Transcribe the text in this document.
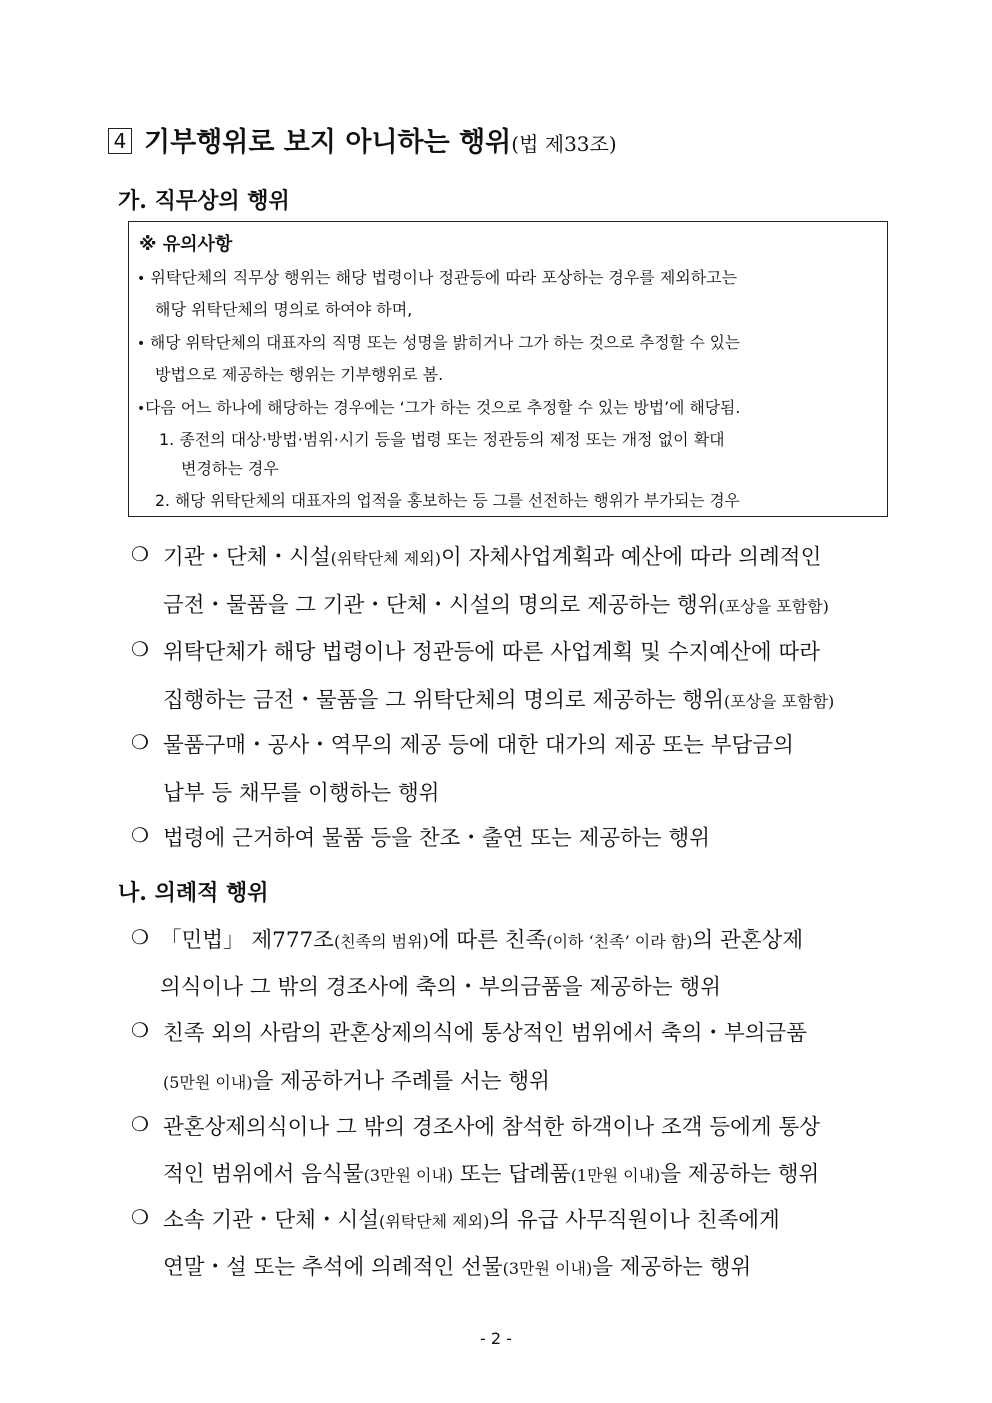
4 기부행위로 보지 아니하는 행위(법 제33조)
가. 직무상의 행위
※ 유의사항
• 위탁단체의 직무상 행위는 해당 법령이나 정관등에 따라 포상하는 경우를 제외하고는
해당 위탁단체의 명의로 하여야 하며,
• 해당 위탁단체의 대표자의 직명 또는 성명을 밝히거나 그가 하는 것으로 추정할 수 있는
방법으로 제공하는 행위는 기부행위로 봄.
•다음 어느 하나에 해당하는 경우에는 ‘그가 하는 것으로 추정할 수 있는 방법’에 해당됨.
1. 종전의 대상·방법·범위·시기 등을 법령 또는 정관등의 제정 또는 개정 없이 확대
변경하는 경우
2. 해당 위탁단체의 대표자의 업적을 홍보하는 등 그를 선전하는 행위가 부가되는 경우
❍ 기관・단체・시설(위탁단체 제외)이 자체사업계획과 예산에 따라 의례적인
금전・물품을 그 기관・단체・시설의 명의로 제공하는 행위(포상을 포함함)
❍ 위탁단체가 해당 법령이나 정관등에 따른 사업계획 및 수지예산에 따라
집행하는 금전・물품을 그 위탁단체의 명의로 제공하는 행위(포상을 포함함)
❍ 물품구매・공사・역무의 제공 등에 대한 대가의 제공 또는 부담금의
납부 등 채무를 이행하는 행위
❍ 법령에 근거하여 물품 등을 찬조・출연 또는 제공하는 행위
나. 의례적 행위
❍ 「민법」 제777조(친족의 범위)에 따른 친족(이하 ‘친족’ 이라 함)의 관혼상제
의식이나 그 밖의 경조사에 축의・부의금품을 제공하는 행위
❍ 친족 외의 사람의 관혼상제의식에 통상적인 범위에서 축의・부의금품
(5만원 이내)을 제공하거나 주례를 서는 행위
❍ 관혼상제의식이나 그 밖의 경조사에 참석한 하객이나 조객 등에게 통상
적인 범위에서 음식물(3만원 이내) 또는 답례품(1만원 이내)을 제공하는 행위
❍ 소속 기관・단체・시설(위탁단체 제외)의 유급 사무직원이나 친족에게
연말・설 또는 추석에 의례적인 선물(3만원 이내)을 제공하는 행위
- 2 -
